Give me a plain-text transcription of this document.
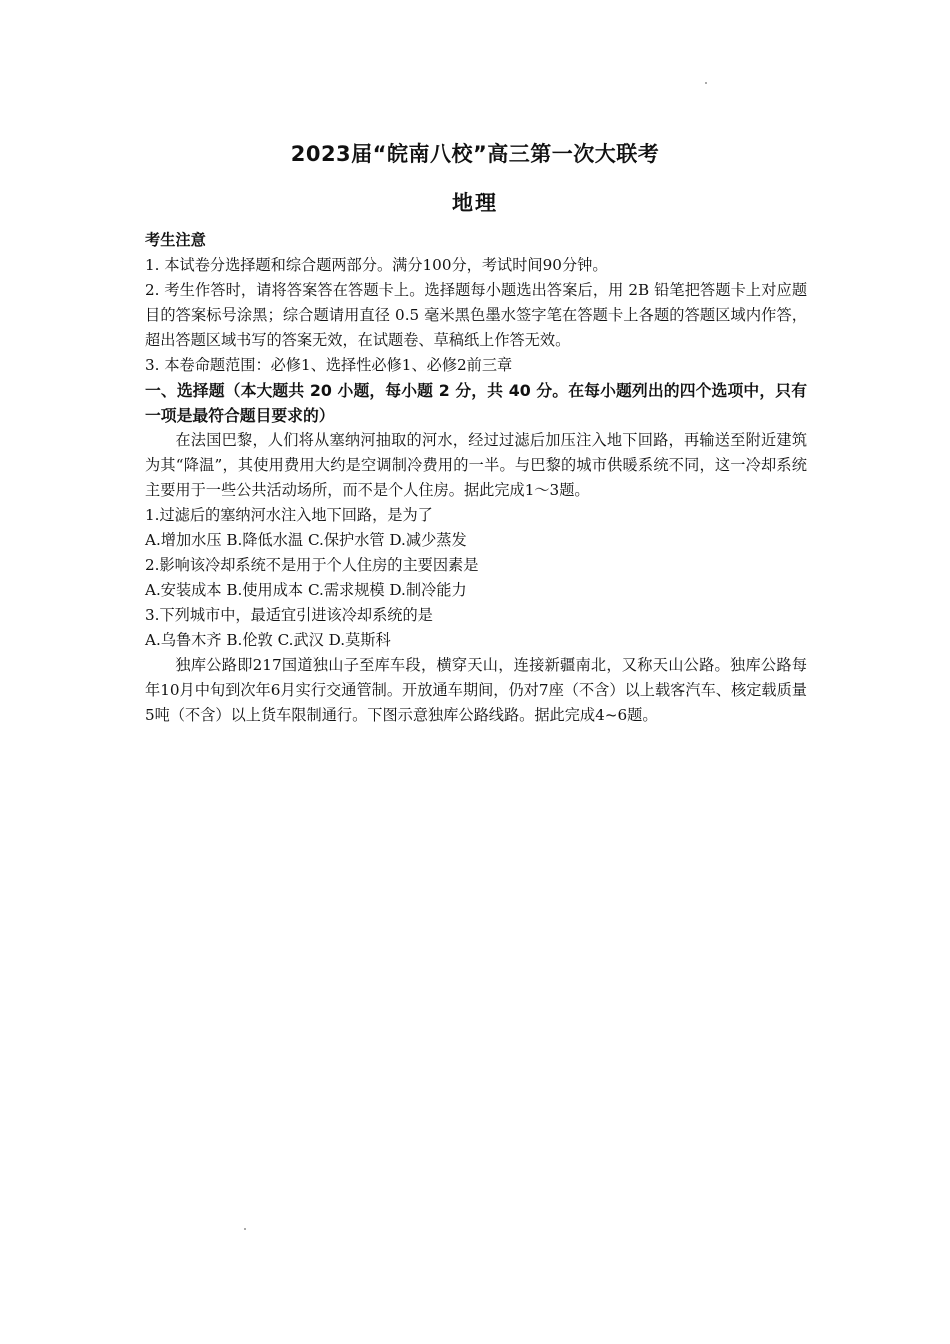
2023届“皖南八校”高三第一次大联考
地理

考生注意

1. 本试卷分选择题和综合题两部分。满分100分，考试时间90分钟。

2. 考生作答时，请将答案答在答题卡上。选择题每小题选出答案后，用 2B 铅笔把答题卡上对应题目的答案标号涂黑；综合题请用直径 0.5 毫米黑色墨水签字笔在答题卡上各题的答题区域内作答，超出答题区域书写的答案无效，在试题卷、草稿纸上作答无效。

3. 本卷命题范围：必修1、选择性必修1、必修2前三章

一、选择题（本大题共 20 小题，每小题 2 分，共 40 分。在每小题列出的四个选项中，只有一项是最符合题目要求的）

在法国巴黎，人们将从塞纳河抽取的河水，经过过滤后加压注入地下回路，再输送至附近建筑为其“降温”，其使用费用大约是空调制冷费用的一半。与巴黎的城市供暖系统不同，这一冷却系统主要用于一些公共活动场所，而不是个人住房。据此完成1～3题。

1.过滤后的塞纳河水注入地下回路，是为了

A.增加水压 B.降低水温 C.保护水管 D.减少蒸发

2.影响该冷却系统不是用于个人住房的主要因素是

A.安装成本 B.使用成本 C.需求规模 D.制冷能力

3.下列城市中，最适宜引进该冷却系统的是

A.乌鲁木齐 B.伦敦 C.武汉 D.莫斯科

独库公路即217国道独山子至库车段，横穿天山，连接新疆南北，又称天山公路。独库公路每年10月中旬到次年6月实行交通管制。开放通车期间，仍对7座（不含）以上载客汽车、核定载质量5吨（不含）以上货车限制通行。下图示意独库公路线路。据此完成4~6题。
